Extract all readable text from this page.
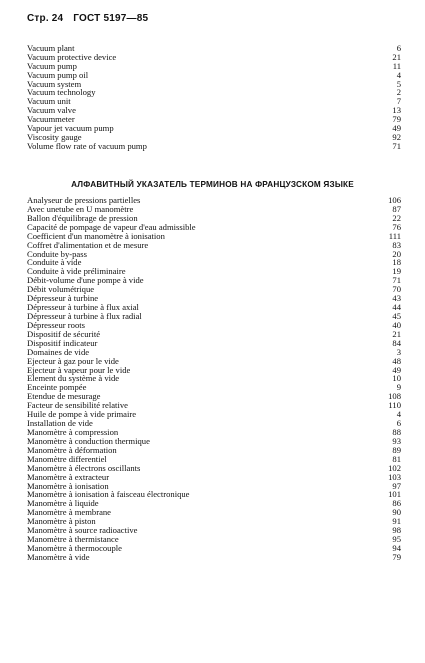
Стр. 24 ГОСТ 5197—85
Vacuum plant	6
Vacuum protective device	21
Vacuum pump	11
Vacuum pump oil	4
Vacuum system	5
Vacuum technology	2
Vacuum unit	7
Vacuum valve	13
Vacuummeter	79
Vapour jet vacuum pump	49
Viscosity gauge	92
Volume flow rate of vacuum pump	71
АЛФАВИТНЫЙ УКАЗАТЕЛЬ ТЕРМИНОВ НА ФРАНЦУЗСКОМ ЯЗЫКЕ
Analyseur de pressions partielles	106
Avec unetube en U manomètre	87
Ballon d'équilibrage de pression	22
Capacité de pompage de vapeur d'eau admissible	76
Coefficient d'un manomètre à ionisation	111
Coffret d'alimentation et de mesure	83
Conduite by-pass	20
Conduite à vide	18
Conduite à vide préliminaire	19
Débit-volume d'une pompe à vide	71
Débit volumétrique	70
Dépresseur à turbine	43
Dépresseur à turbine à flux axial	44
Dépresseur à turbine à flux radial	45
Dépresseur roots	40
Dispositif de sécurité	21
Dispositif indicateur	84
Domaines de vide	3
Ejecteur à gaz pour le vide	48
Ejecteur à vapeur pour le vide	49
Element du système à vide	10
Enceinte pompée	9
Etendue de mesurage	108
Facteur de sensibilité relative	110
Huile de pompe à vide primaire	4
Installation de vide	6
Manomètre à compression	88
Manomètre à conduction thermique	93
Manomètre à déformation	89
Manomètre differentiel	81
Manomètre à électrons oscillants	102
Manomètre à extracteur	103
Manomètre à ionisation	97
Manomètre à ionisation à faisceau électronique	101
Manomètre à liquide	86
Manomètre à membrane	90
Manomètre à piston	91
Manomètre à source radioactive	98
Manomètre à thermistance	95
Manomètre à thermocouple	94
Manomètre à vide	79
